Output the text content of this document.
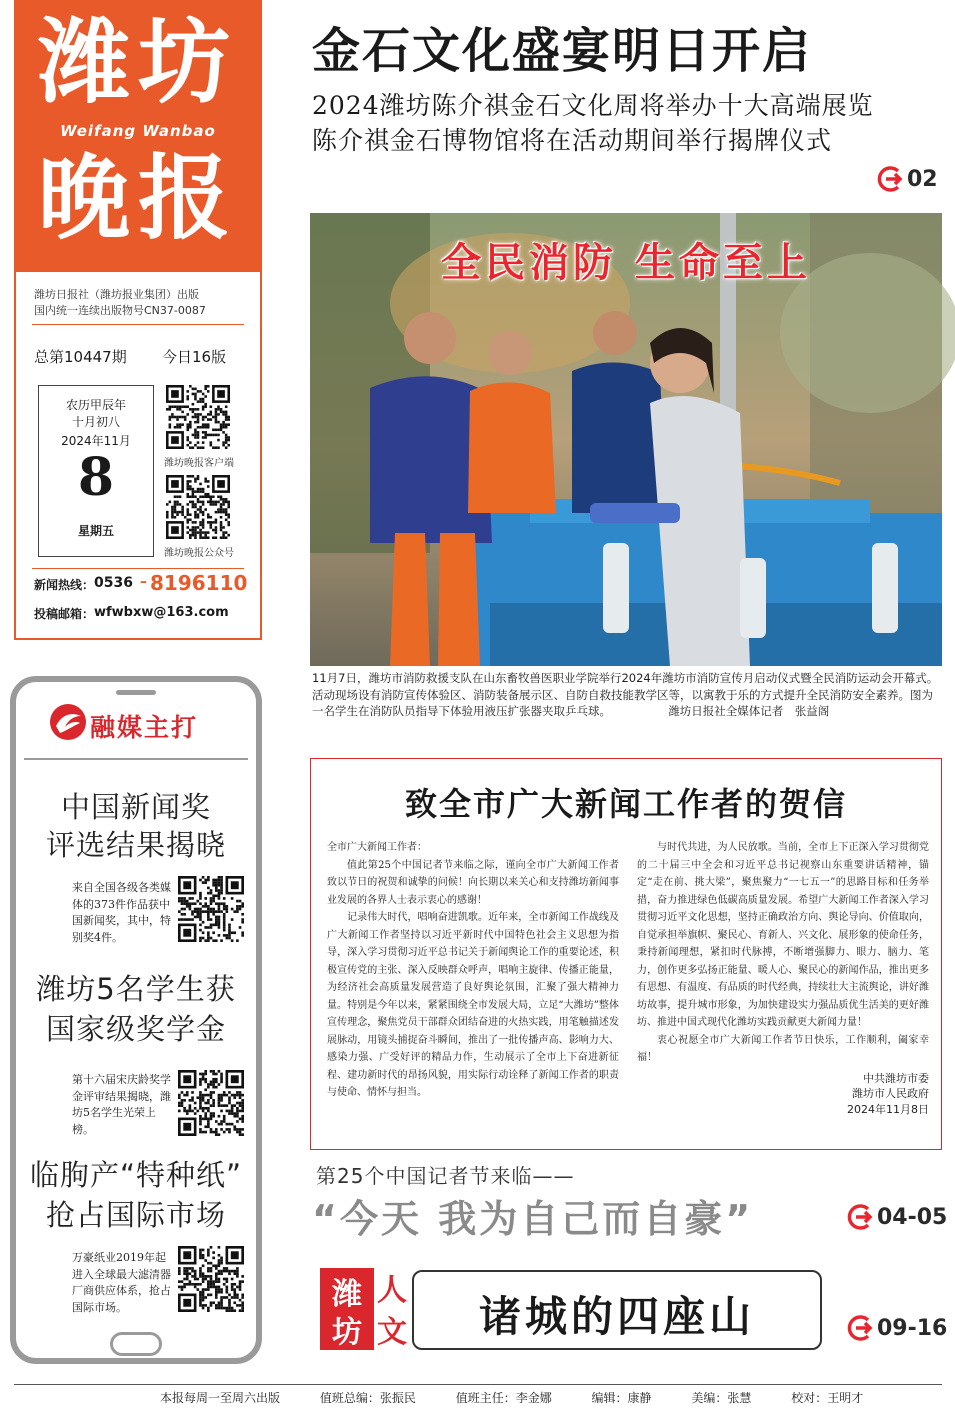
潍坊
Weifang Wanbao
晚报
潍坊日报社（潍坊报业集团）出版
国内统一连续出版物号CN37-0087
总第10447期 今日16版
农历甲辰年
十月初八
2024年11月
8
星期五
潍坊晚报客户端
潍坊晚报公众号
新闻热线： 0536 – 8196110
投稿邮箱： wfwbxw@163.com
融媒主打
中国新闻奖
评选结果揭晓
来自全国各级各类媒体的373件作品获中国新闻奖，其中，特别奖4件。
潍坊5名学生获
国家级奖学金
第十六届宋庆龄奖学金评审结果揭晓，潍坊5名学生光荣上榜。
临朐产“特种纸”
抢占国际市场
万豪纸业2019年起进入全球最大滤清器厂商供应体系，抢占国际市场。
金石文化盛宴明日开启
2024潍坊陈介祺金石文化周将举办十大高端展览
陈介祺金石博物馆将在活动期间举行揭牌仪式
02
全民消防 生命至上
11月7日，潍坊市消防救援支队在山东畜牧兽医职业学院举行2024年潍坊市消防宣传月启动仪式暨全民消防运动会开幕式。活动现场设有消防宣传体验区、消防装备展示区、自防自救技能教学区等，以寓教于乐的方式提升全民消防安全素养。图为一名学生在消防队员指导下体验用液压扩张器夹取乒乓球。	潍坊日报社全媒体记者　张益阁
致全市广大新闻工作者的贺信

全市广大新闻工作者：

值此第25个中国记者节来临之际，谨向全市广大新闻工作者致以节日的祝贺和诚挚的问候！向长期以来关心和支持潍坊新闻事业发展的各界人士表示衷心的感谢！

记录伟大时代，唱响奋进凯歌。近年来，全市新闻工作战线及广大新闻工作者坚持以习近平新时代中国特色社会主义思想为指导，深入学习贯彻习近平总书记关于新闻舆论工作的重要论述，积极宣传党的主张、深入反映群众呼声，唱响主旋律、传播正能量，为经济社会高质量发展营造了良好舆论氛围，汇聚了强大精神力量。特别是今年以来，紧紧围绕全市发展大局，立足“大潍坊”整体宣传理念，聚焦党员干部群众团结奋进的火热实践，用笔触描述发展脉动，用镜头捕捉奋斗瞬间，推出了一批传播声高、影响力大、感染力强、广受好评的精品力作，生动展示了全市上下奋进新征程、建功新时代的昂扬风貌，用实际行动诠释了新闻工作者的职责与使命、情怀与担当。

与时代共进，为人民放歌。当前，全市上下正深入学习贯彻党的二十届三中全会和习近平总书记视察山东重要讲话精神，锚定“走在前、挑大梁”，聚焦聚力“一七五一”的思路目标和任务举措，奋力推进绿色低碳高质量发展。希望广大新闻工作者深入学习贯彻习近平文化思想，坚持正确政治方向、舆论导向、价值取向，自觉承担举旗帜、聚民心、育新人、兴文化、展形象的使命任务，秉持新闻理想，紧扣时代脉搏，不断增强脚力、眼力、脑力、笔力，创作更多弘扬正能量、暖人心、聚民心的新闻作品，推出更多有思想、有温度、有品质的时代经典，持续壮大主流舆论，讲好潍坊故事，提升城市形象，为加快建设实力强品质优生活美的更好潍坊、推进中国式现代化潍坊实践贡献更大新闻力量！

衷心祝愿全市广大新闻工作者节日快乐，工作顺利，阖家幸福！

中共潍坊市委
潍坊市人民政府
2024年11月8日
第25个中国记者节来临——
“今天 我为自己而自豪”	04-05
潍
坊
人
文	诸城的四座山	09-16
本报每周一至周六出版	值班总编：张振民	值班主任：李金娜	编辑：康静	美编：张慧	校对：王明才
